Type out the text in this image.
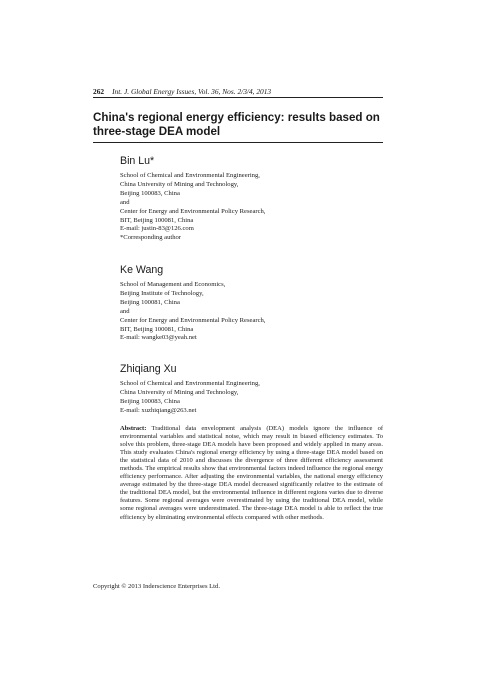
262 Int. J. Global Energy Issues, Vol. 36, Nos. 2/3/4, 2013
China's regional energy efficiency: results based on three-stage DEA model
Bin Lu*
School of Chemical and Environmental Engineering,
China University of Mining and Technology,
Beijing 100083, China
and
Center for Energy and Environmental Policy Research,
BIT, Beijing 100081, China
E-mail: justin-83@126.com
*Corresponding author
Ke Wang
School of Management and Economics,
Beijing Institute of Technology,
Beijing 100081, China
and
Center for Energy and Environmental Policy Research,
BIT, Beijing 100081, China
E-mail: wangke03@yeah.net
Zhiqiang Xu
School of Chemical and Environmental Engineering,
China University of Mining and Technology,
Beijing 100083, China
E-mail: xuzhiqiang@263.net
Abstract: Traditional data envelopment analysis (DEA) models ignore the influence of environmental variables and statistical noise, which may result in biased efficiency estimates. To solve this problem, three-stage DEA models have been proposed and widely applied in many areas. This study evaluates China's regional energy efficiency by using a three-stage DEA model based on the statistical data of 2010 and discusses the divergence of three different efficiency assessment methods. The empirical results show that environmental factors indeed influence the regional energy efficiency performance. After adjusting the environmental variables, the national energy efficiency average estimated by the three-stage DEA model decreased significantly relative to the estimate of the traditional DEA model, but the environmental influence in different regions varies due to diverse features. Some regional averages were overestimated by using the traditional DEA model, while some regional averages were underestimated. The three-stage DEA model is able to reflect the true efficiency by eliminating environmental effects compared with other methods.
Copyright © 2013 Inderscience Enterprises Ltd.
